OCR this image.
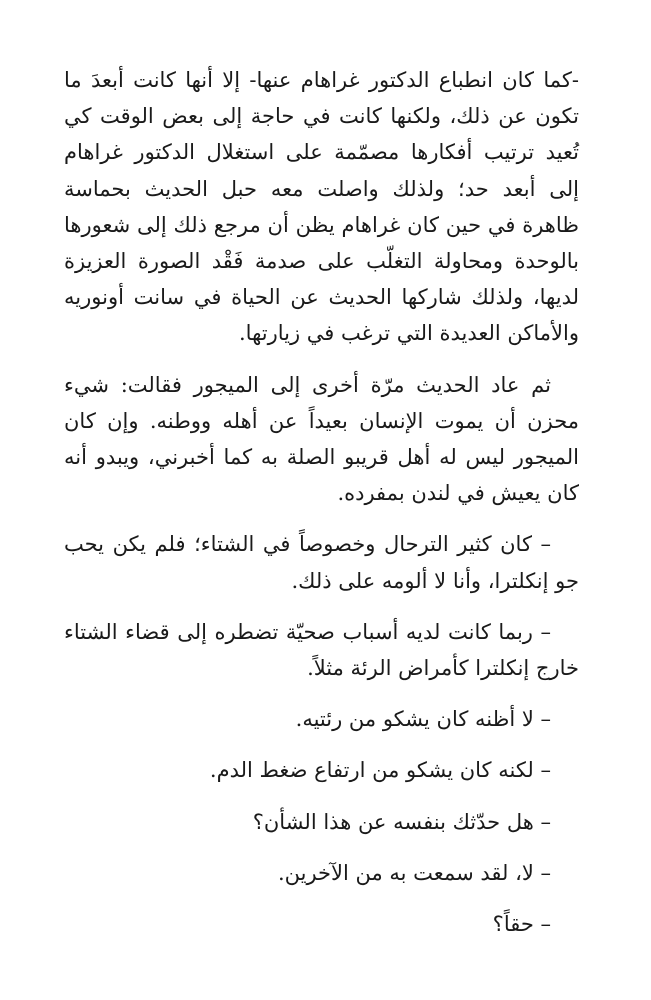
-كما كان انطباع الدكتور غراهام عنها- إلا أنها كانت أبعدَ ما تكون عن ذلك، ولكنها كانت في حاجة إلى بعض الوقت كي تُعيد ترتيب أفكارها مصمّمة على استغلال الدكتور غراهام إلى أبعد حد؛ ولذلك واصلت معه حبل الحديث بحماسة ظاهرة في حين كان غراهام يظن أن مرجع ذلك إلى شعورها بالوحدة ومحاولة التغلّب على صدمة فَقْد الصورة العزيزة لديها، ولذلك شاركها الحديث عن الحياة في سانت أونوريه والأماكن العديدة التي ترغب في زيارتها.

ثم عاد الحديث مرّة أخرى إلى الميجور فقالت: شيء محزن أن يموت الإنسان بعيداً عن أهله ووطنه. وإن كان الميجور ليس له أهل قريبو الصلة به كما أخبرني، ويبدو أنه كان يعيش في لندن بمفرده.

– كان كثير الترحال وخصوصاً في الشتاء؛ فلم يكن يحب جو إنكلترا، وأنا لا ألومه على ذلك.

– ربما كانت لديه أسباب صحيّة تضطره إلى قضاء الشتاء خارج إنكلترا كأمراض الرئة مثلاً.

– لا أظنه كان يشكو من رئتيه.

– لكنه كان يشكو من ارتفاع ضغط الدم.

– هل حدّثك بنفسه عن هذا الشأن؟

– لا، لقد سمعت به من الآخرين.

– حقاً؟
